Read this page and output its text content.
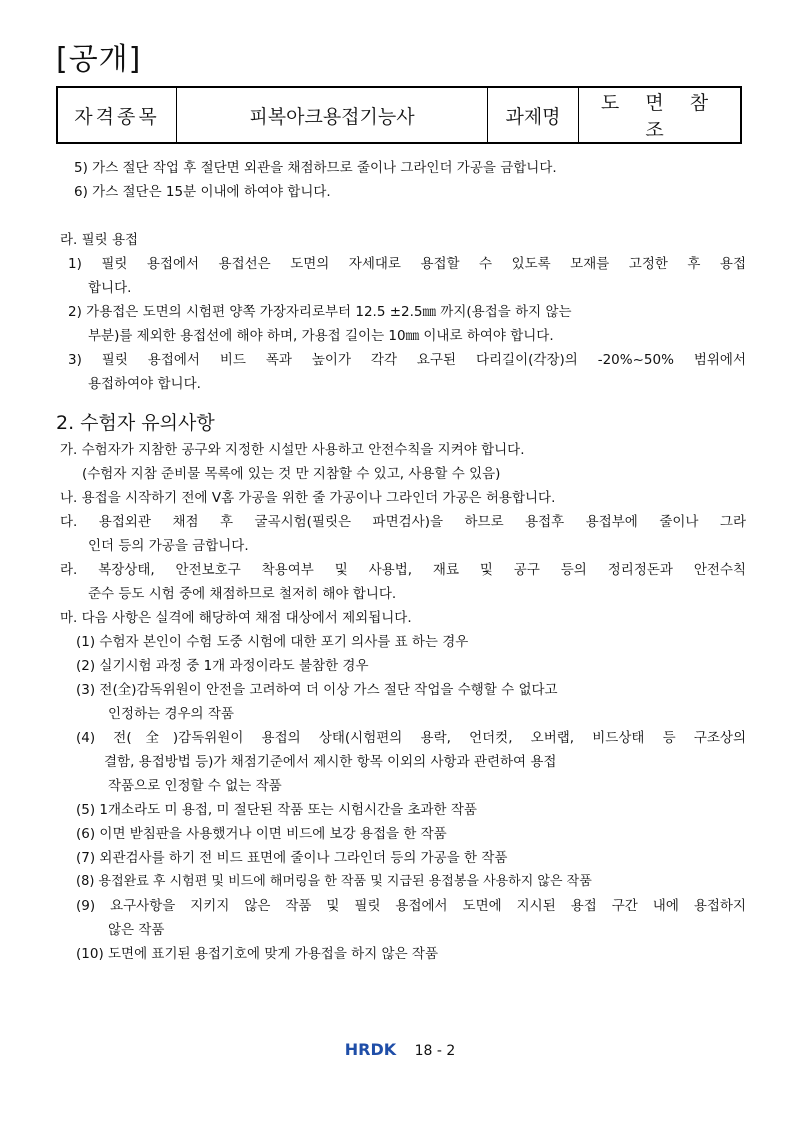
[공개]
자격종목	피복아크용접기능사	과제명	도 면 참 조
5) 가스 절단 작업 후 절단면 외관을 채점하므로 줄이나 그라인더 가공을 금합니다.
6) 가스 절단은 15분 이내에 하여야 합니다.
라. 필릿 용접
1) 필릿 용접에서 용접선은 도면의 자세대로 용접할 수 있도록 모재를 고정한 후 용접
합니다.
2) 가용접은 도면의 시험편 양쪽 가장자리로부터 12.5 ±2.5㎜ 까지(용접을 하지 않는
부분)를 제외한 용접선에 해야 하며, 가용접 길이는 10㎜ 이내로 하여야 합니다.
3) 필릿 용접에서 비드 폭과 높이가 각각 요구된 다리길이(각장)의 -20%~50% 범위에서
용접하여야 합니다.
2. 수험자 유의사항
가. 수험자가 지참한 공구와 지정한 시설만 사용하고 안전수칙을 지켜야 합니다.
(수험자 지참 준비물 목록에 있는 것 만 지참할 수 있고, 사용할 수 있음)
나. 용접을 시작하기 전에 V홈 가공을 위한 줄 가공이나 그라인더 가공은 허용합니다.
다. 용접외관 채점 후 굴곡시험(필릿은 파면검사)을 하므로 용접후 용접부에 줄이나 그라
인더 등의 가공을 금합니다.
라. 복장상태, 안전보호구 착용여부 및 사용법, 재료 및 공구 등의 정리정돈과 안전수칙
준수 등도 시험 중에 채점하므로 철저히 해야 합니다.
마. 다음 사항은 실격에 해당하여 채점 대상에서 제외됩니다.
(1) 수험자 본인이 수험 도중 시험에 대한 포기 의사를 표 하는 경우
(2) 실기시험 과정 중 1개 과정이라도 불참한 경우
(3) 전(全)감독위원이 안전을 고려하여 더 이상 가스 절단 작업을 수행할 수 없다고
인정하는 경우의 작품
(4) 전(全)감독위원이 용접의 상태(시험편의 용락, 언더컷, 오버랩, 비드상태 등 구조상의
결함, 용접방법 등)가 채점기준에서 제시한 항목 이외의 사항과 관련하여 용접
작품으로 인정할 수 없는 작품
(5) 1개소라도 미 용접, 미 절단된 작품 또는 시험시간을 초과한 작품
(6) 이면 받침판을 사용했거나 이면 비드에 보강 용접을 한 작품
(7) 외관검사를 하기 전 비드 표면에 줄이나 그라인더 등의 가공을 한 작품
(8) 용접완료 후 시험편 및 비드에 해머링을 한 작품 및 지급된 용접봉을 사용하지 않은 작품
(9) 요구사항을 지키지 않은 작품 및 필릿 용접에서 도면에 지시된 용접 구간 내에 용접하지
않은 작품
(10) 도면에 표기된 용접기호에 맞게 가용접을 하지 않은 작품
HRDK 18 - 2
